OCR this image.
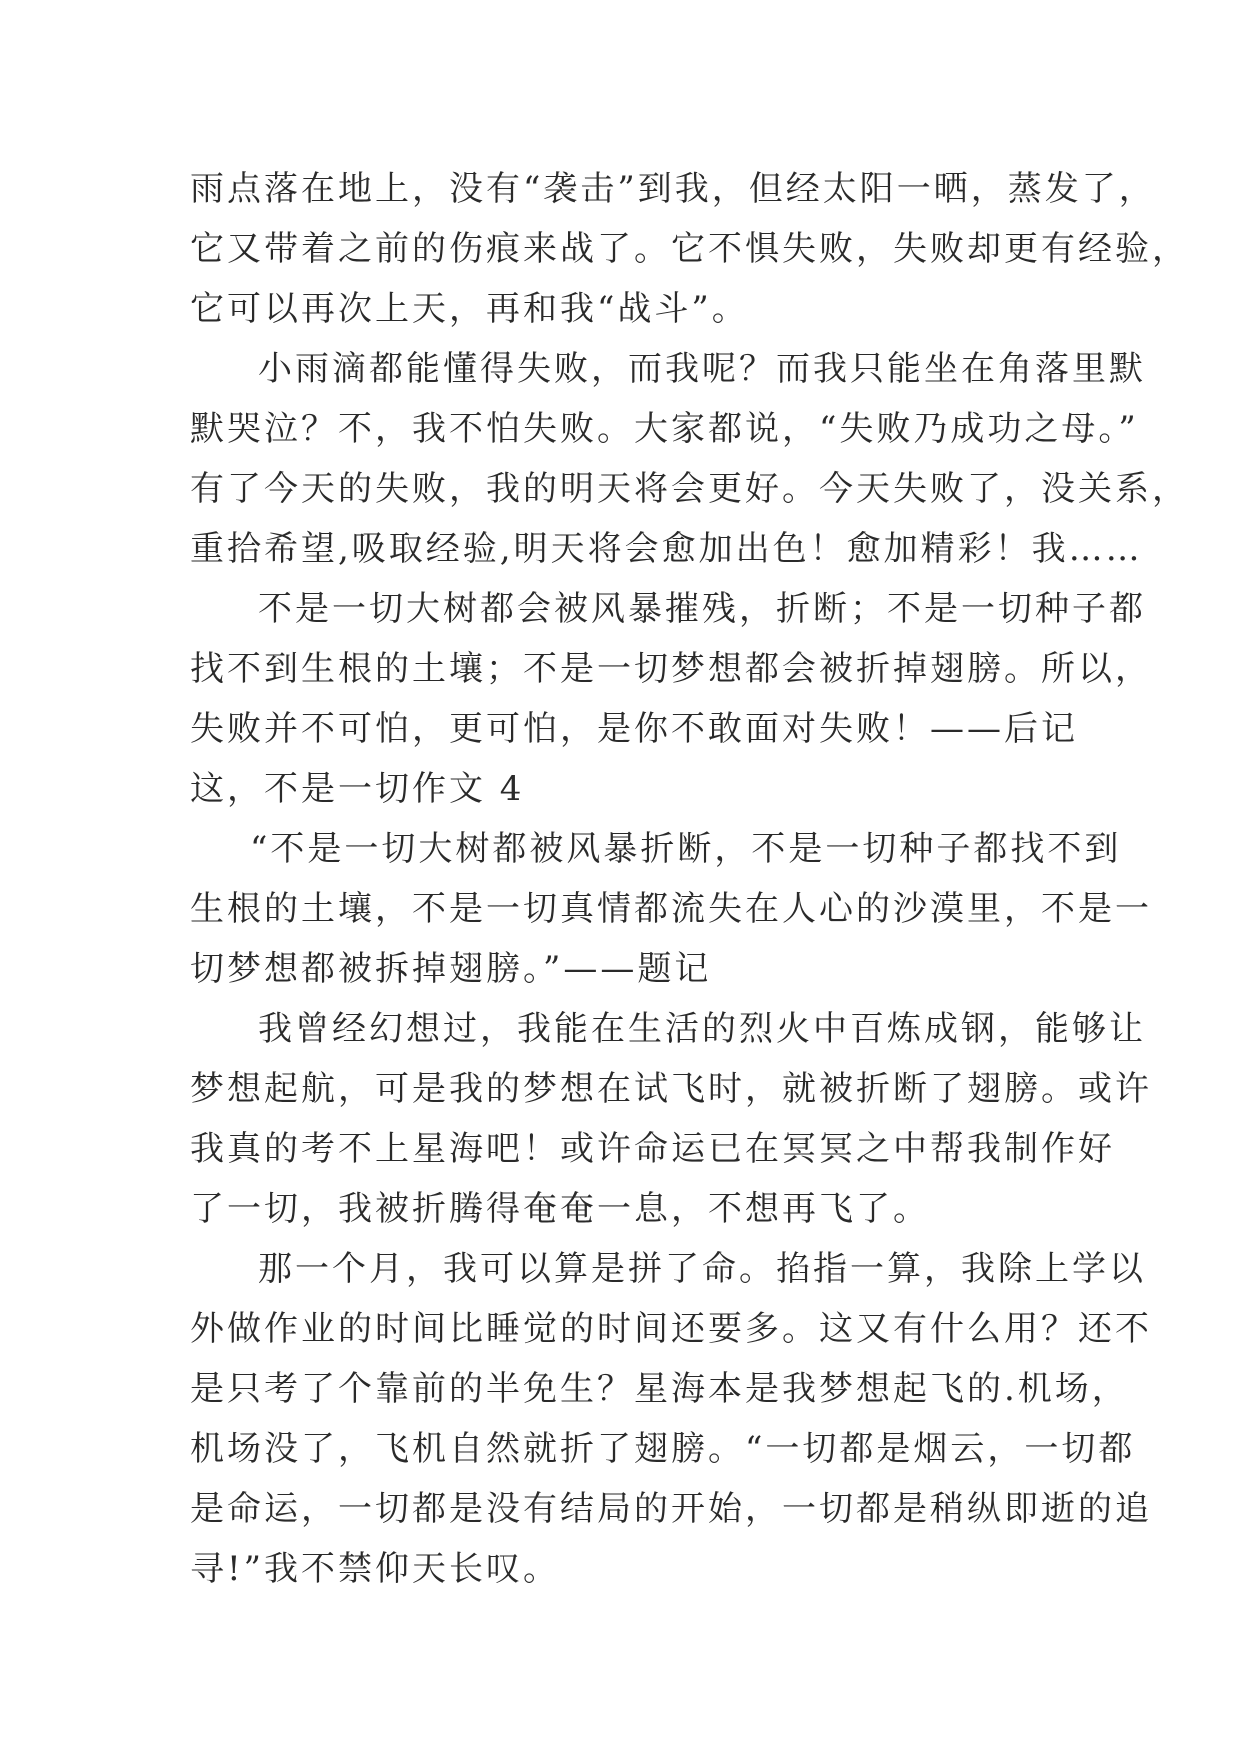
雨点落在地上，没有“袭击”到我，但经太阳一晒，蒸发了，
它又带着之前的伤痕来战了。它不惧失败，失败却更有经验，
它可以再次上天，再和我“战斗”。
小雨滴都能懂得失败，而我呢？而我只能坐在角落里默
默哭泣？不，我不怕失败。大家都说，“失败乃成功之母。”
有了今天的失败，我的明天将会更好。今天失败了，没关系，
重拾希望,吸取经验,明天将会愈加出色！愈加精彩！我……
不是一切大树都会被风暴摧残，折断；不是一切种子都
找不到生根的土壤；不是一切梦想都会被折掉翅膀。所以，
失败并不可怕，更可怕，是你不敢面对失败！——后记
这，不是一切作文 4
“不是一切大树都被风暴折断，不是一切种子都找不到
生根的土壤，不是一切真情都流失在人心的沙漠里，不是一
切梦想都被拆掉翅膀。”——题记
我曾经幻想过，我能在生活的烈火中百炼成钢，能够让
梦想起航，可是我的梦想在试飞时，就被折断了翅膀。或许
我真的考不上星海吧！或许命运已在冥冥之中帮我制作好
了一切，我被折腾得奄奄一息，不想再飞了。
那一个月，我可以算是拼了命。掐指一算，我除上学以
外做作业的时间比睡觉的时间还要多。这又有什么用？还不
是只考了个靠前的半免生？星海本是我梦想起飞的.机场，
机场没了，飞机自然就折了翅膀。“一切都是烟云，一切都
是命运，一切都是没有结局的开始，一切都是稍纵即逝的追
寻!”我不禁仰天长叹。
